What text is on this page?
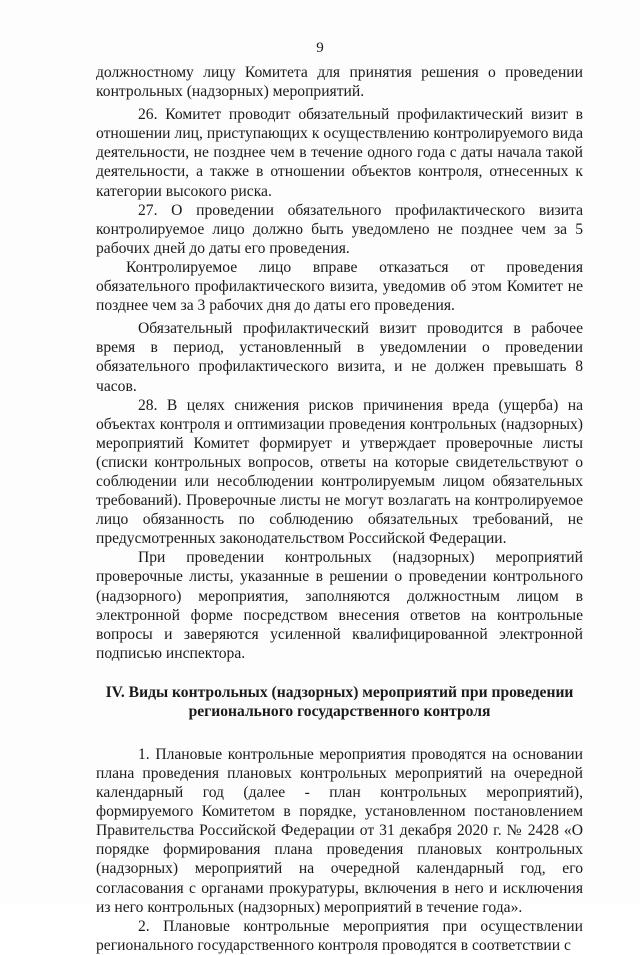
9

должностному лицу Комитета для принятия решения о проведении контрольных (надзорных) мероприятий.

26. Комитет проводит обязательный профилактический визит в отношении лиц, приступающих к осуществлению контролируемого вида деятельности, не позднее чем в течение одного года с даты начала такой деятельности, а также в отношении объектов контроля, отнесенных к категории высокого риска.

27. О проведении обязательного профилактического визита контролируемое лицо должно быть уведомлено не позднее чем за 5 рабочих дней до даты его проведения.

Контролируемое лицо вправе отказаться от проведения обязательного профилактического визита, уведомив об этом Комитет не позднее чем за 3 рабочих дня до даты его проведения.

Обязательный профилактический визит проводится в рабочее время в период, установленный в уведомлении о проведении обязательного профилактического визита, и не должен превышать 8 часов.

28. В целях снижения рисков причинения вреда (ущерба) на объектах контроля и оптимизации проведения контрольных (надзорных) мероприятий Комитет формирует и утверждает проверочные листы (списки контрольных вопросов, ответы на которые свидетельствуют о соблюдении или несоблюдении контролируемым лицом обязательных требований). Проверочные листы не могут возлагать на контролируемое лицо обязанность по соблюдению обязательных требований, не предусмотренных законодательством Российской Федерации.

При проведении контрольных (надзорных) мероприятий проверочные листы, указанные в решении о проведении контрольного (надзорного) мероприятия, заполняются должностным лицом в электронной форме посредством внесения ответов на контрольные вопросы и заверяются усиленной квалифицированной электронной подписью инспектора.

IV. Виды контрольных (надзорных) мероприятий при проведении
регионального государственного контроля

1. Плановые контрольные мероприятия проводятся на основании плана проведения плановых контрольных мероприятий на очередной календарный год (далее - план контрольных мероприятий), формируемого Комитетом в порядке, установленном постановлением Правительства Российской Федерации от 31 декабря 2020 г. № 2428 «О порядке формирования плана проведения плановых контрольных (надзорных) мероприятий на очередной календарный год, его согласования с органами прокуратуры, включения в него и исключения из него контрольных (надзорных) мероприятий в течение года».

2. Плановые контрольные мероприятия при осуществлении регионального государственного контроля проводятся в соответствии с
